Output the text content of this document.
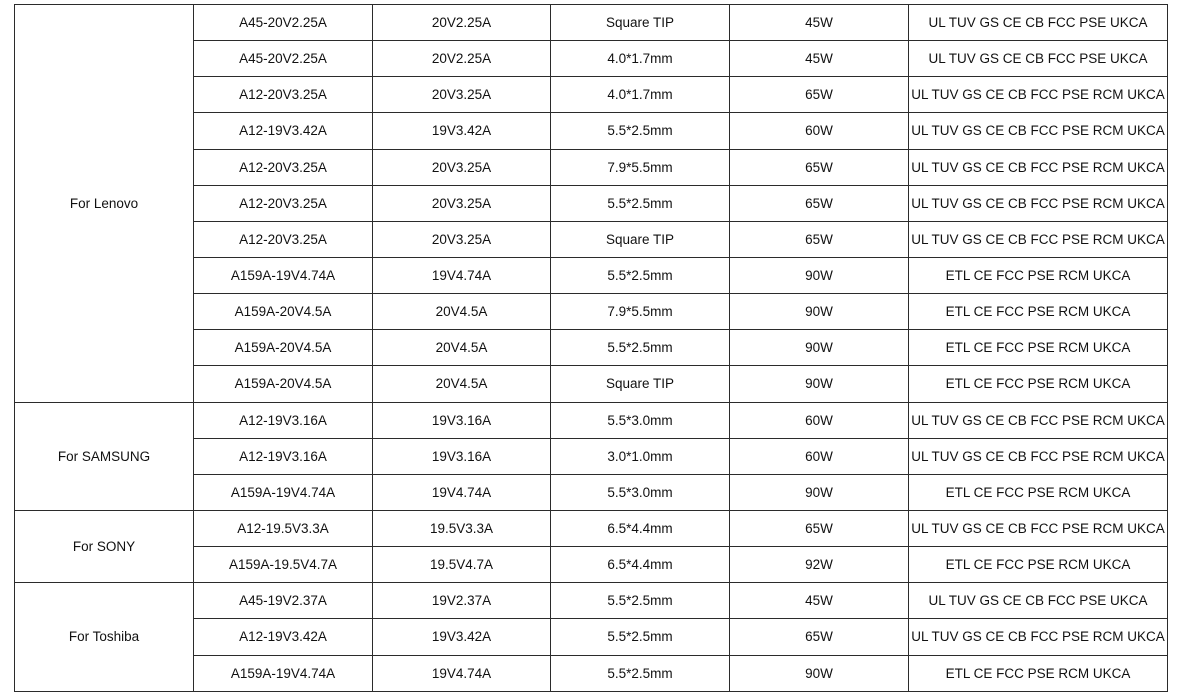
For Lenovo	A45-20V2.25A	20V2.25A	Square TIP	45W	UL TUV GS CE CB FCC PSE UKCA
	A45-20V2.25A	20V2.25A	4.0*1.7mm	45W	UL TUV GS CE CB FCC PSE UKCA
	A12-20V3.25A	20V3.25A	4.0*1.7mm	65W	UL TUV GS CE CB FCC PSE RCM UKCA
	A12-19V3.42A	19V3.42A	5.5*2.5mm	60W	UL TUV GS CE CB FCC PSE RCM UKCA
	A12-20V3.25A	20V3.25A	7.9*5.5mm	65W	UL TUV GS CE CB FCC PSE RCM UKCA
	A12-20V3.25A	20V3.25A	5.5*2.5mm	65W	UL TUV GS CE CB FCC PSE RCM UKCA
	A12-20V3.25A	20V3.25A	Square TIP	65W	UL TUV GS CE CB FCC PSE RCM UKCA
	A159A-19V4.74A	19V4.74A	5.5*2.5mm	90W	ETL CE FCC PSE RCM UKCA
	A159A-20V4.5A	20V4.5A	7.9*5.5mm	90W	ETL CE FCC PSE RCM UKCA
	A159A-20V4.5A	20V4.5A	5.5*2.5mm	90W	ETL CE FCC PSE RCM UKCA
	A159A-20V4.5A	20V4.5A	Square TIP	90W	ETL CE FCC PSE RCM UKCA
For SAMSUNG	A12-19V3.16A	19V3.16A	5.5*3.0mm	60W	UL TUV GS CE CB FCC PSE RCM UKCA
	A12-19V3.16A	19V3.16A	3.0*1.0mm	60W	UL TUV GS CE CB FCC PSE RCM UKCA
	A159A-19V4.74A	19V4.74A	5.5*3.0mm	90W	ETL CE FCC PSE RCM UKCA
For SONY	A12-19.5V3.3A	19.5V3.3A	6.5*4.4mm	65W	UL TUV GS CE CB FCC PSE RCM UKCA
	A159A-19.5V4.7A	19.5V4.7A	6.5*4.4mm	92W	ETL CE FCC PSE RCM UKCA
For Toshiba	A45-19V2.37A	19V2.37A	5.5*2.5mm	45W	UL TUV GS CE CB FCC PSE UKCA
	A12-19V3.42A	19V3.42A	5.5*2.5mm	65W	UL TUV GS CE CB FCC PSE RCM UKCA
	A159A-19V4.74A	19V4.74A	5.5*2.5mm	90W	ETL CE FCC PSE RCM UKCA
